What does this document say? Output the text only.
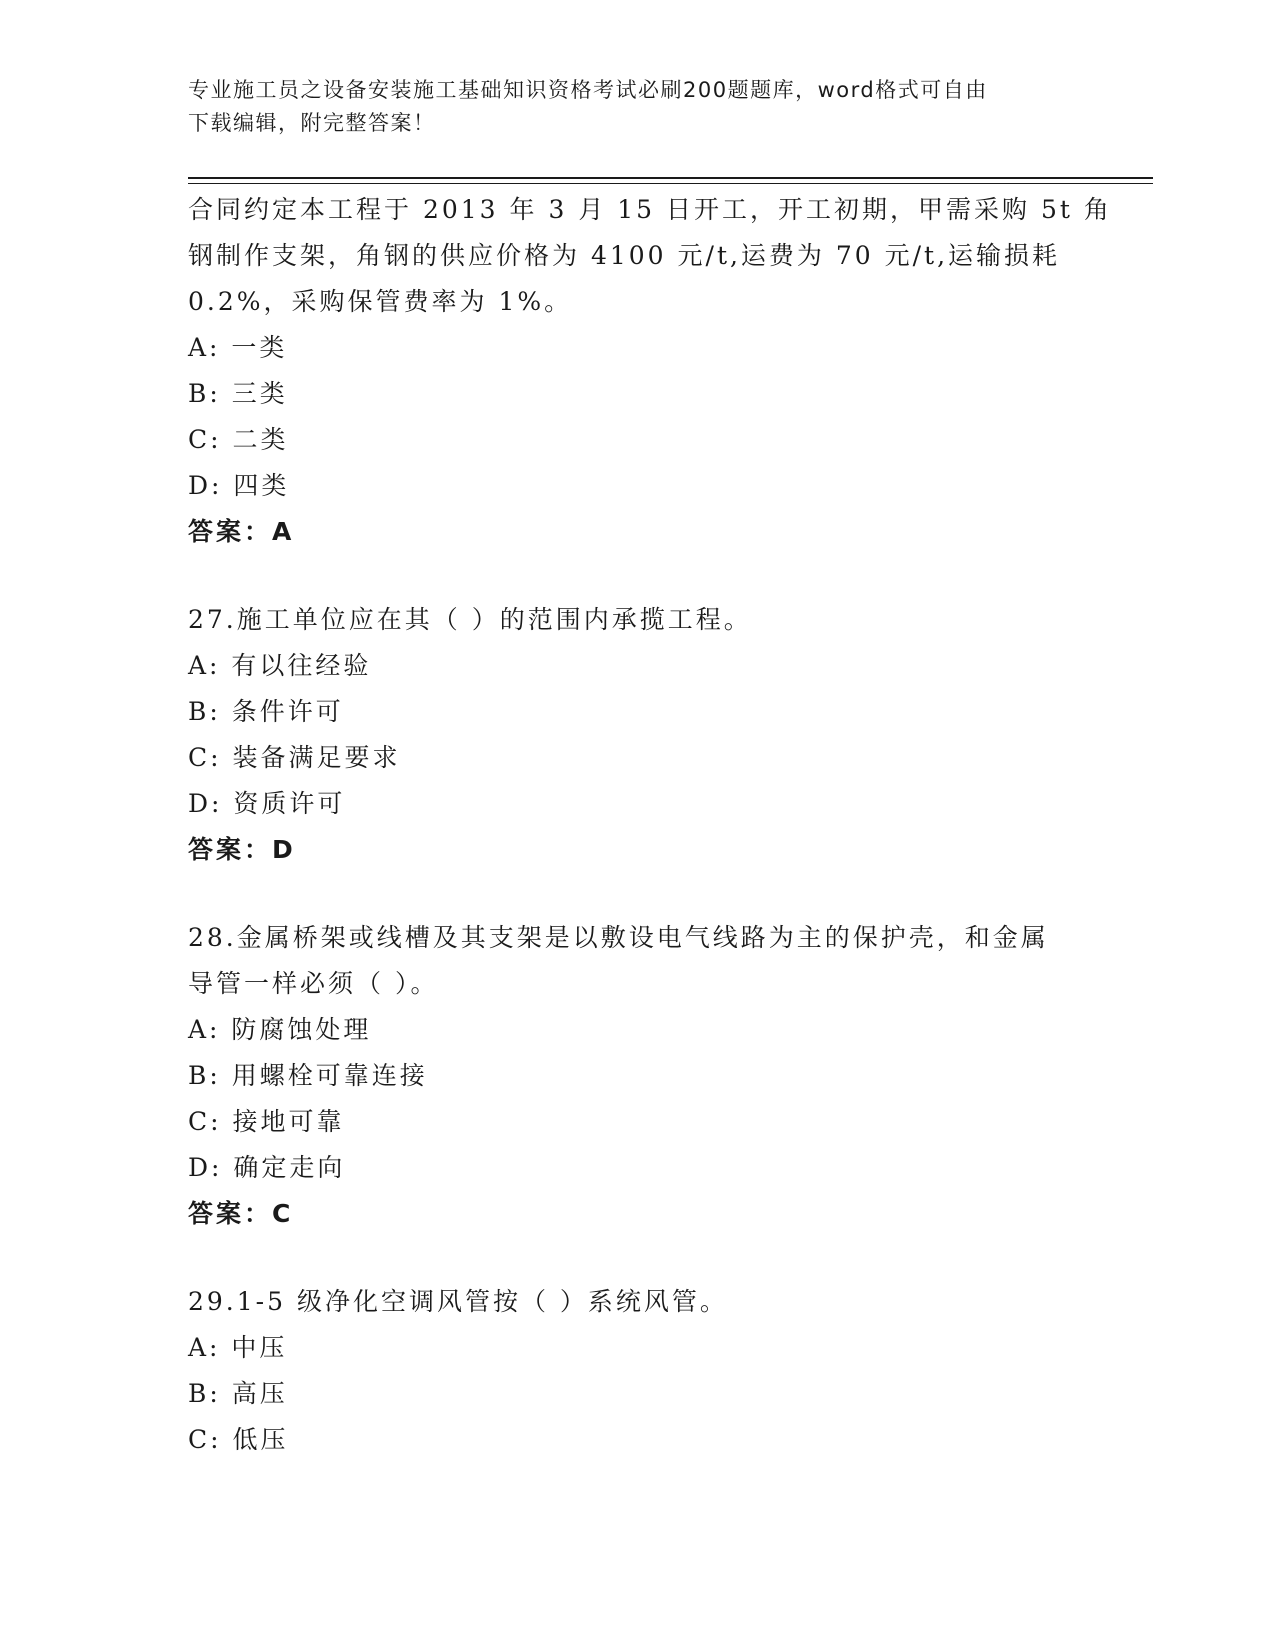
专业施工员之设备安装施工基础知识资格考试必刷200题题库，word格式可自由
下载编辑，附完整答案！
合同约定本工程于 2013 年 3 月 15 日开工，开工初期，甲需采购 5t 角
钢制作支架，角钢的供应价格为 4100 元/t,运费为 70 元/t,运输损耗
0.2%，采购保管费率为 1%。
A: 一类
B: 三类
C: 二类
D: 四类
答案：A
27.施工单位应在其（ ）的范围内承揽工程。
A: 有以往经验
B: 条件许可
C: 装备满足要求
D: 资质许可
答案：D
28.金属桥架或线槽及其支架是以敷设电气线路为主的保护壳，和金属
导管一样必须（ ）。
A: 防腐蚀处理
B: 用螺栓可靠连接
C: 接地可靠
D: 确定走向
答案：C
29.1-5 级净化空调风管按（ ）系统风管。
A: 中压
B: 高压
C: 低压
